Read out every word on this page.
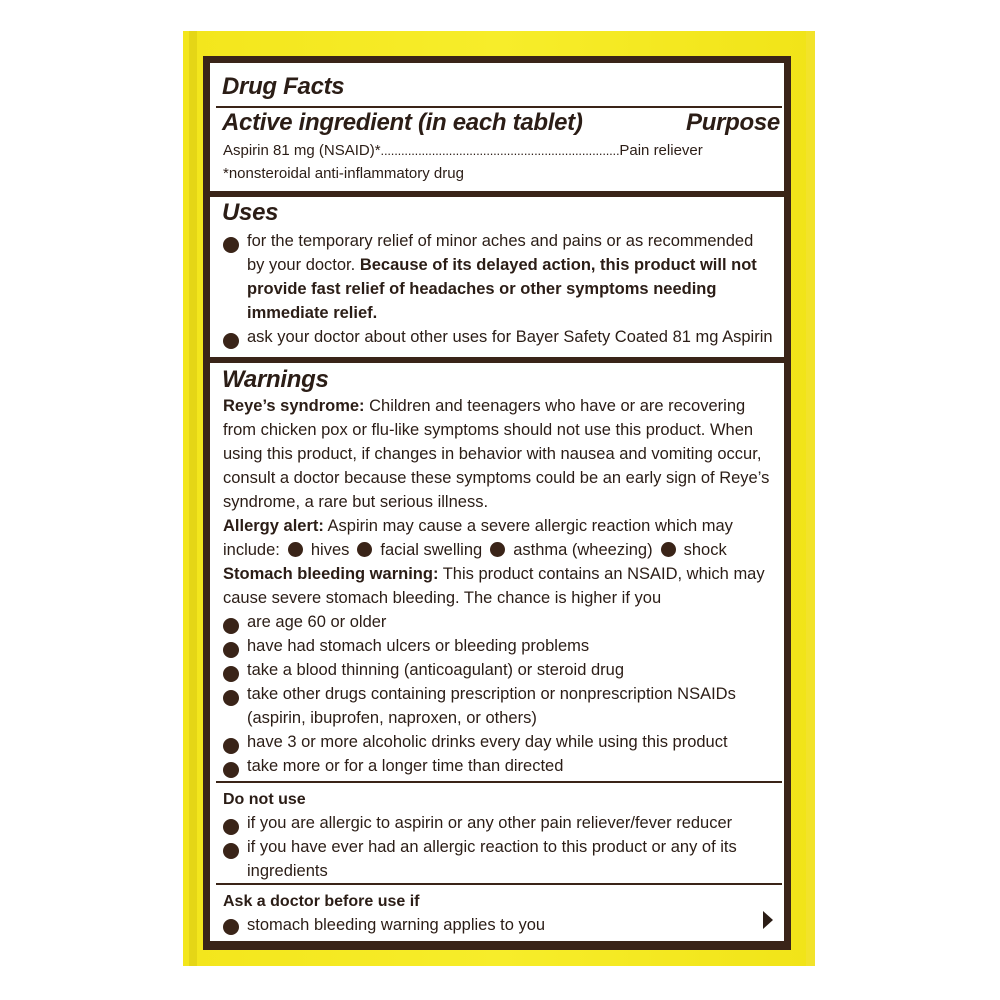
Drug Facts
Active ingredient (in each tablet)	Purpose
Aspirin 81 mg (NSAID)*......................................................................Pain reliever
*nonsteroidal anti-inflammatory drug
Uses
for the temporary relief of minor aches and pains or as recommended
by your doctor. Because of its delayed action, this product will not
provide fast relief of headaches or other symptoms needing
immediate relief.
ask your doctor about other uses for Bayer Safety Coated 81 mg Aspirin
Warnings
Reye’s syndrome: Children and teenagers who have or are recovering
from chicken pox or flu-like symptoms should not use this product. When
using this product, if changes in behavior with nausea and vomiting occur,
consult a doctor because these symptoms could be an early sign of Reye’s
syndrome, a rare but serious illness.
Allergy alert: Aspirin may cause a severe allergic reaction which may
include: hives facial swelling asthma (wheezing) shock
Stomach bleeding warning: This product contains an NSAID, which may
cause severe stomach bleeding. The chance is higher if you
are age 60 or older
have had stomach ulcers or bleeding problems
take a blood thinning (anticoagulant) or steroid drug
take other drugs containing prescription or nonprescription NSAIDs
(aspirin, ibuprofen, naproxen, or others)
have 3 or more alcoholic drinks every day while using this product
take more or for a longer time than directed
Do not use
if you are allergic to aspirin or any other pain reliever/fever reducer
if you have ever had an allergic reaction to this product or any of its
ingredients
Ask a doctor before use if
stomach bleeding warning applies to you
